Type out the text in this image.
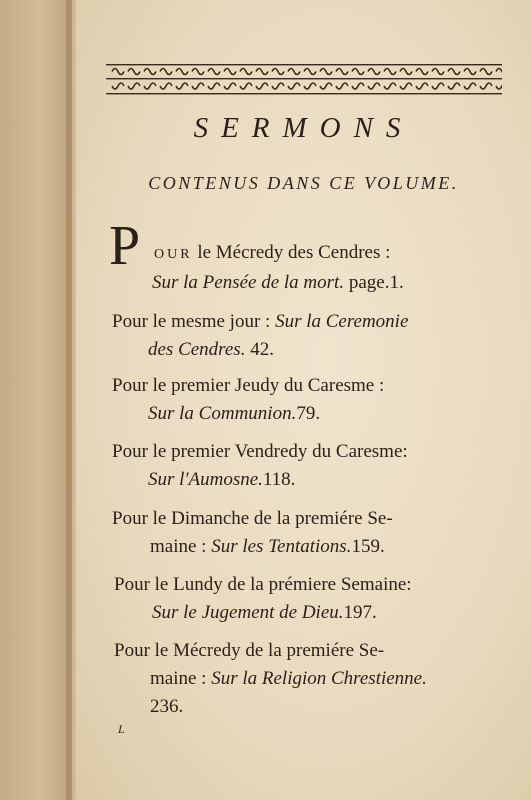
SERMONS
CONTENUS DANS CE VOLUME.
P OUR le Mécredy des Cendres :
Sur la Pensée de la mort. page.1.
Pour le mesme jour : Sur la Ceremonie
des Cendres. 42.
Pour le premier Jeudy du Caresme :
Sur la Communion.79.
Pour le premier Vendredy du Caresme:
Sur l'Aumosne.118.
Pour le Dimanche de la premiére Se-
maine : Sur les Tentations.159.
Pour le Lundy de la prémiere Semaine:
Sur le Jugement de Dieu.197.
Pour le Mécredy de la premiére Se-
maine : Sur la Religion Chrestienne.
236.
L
